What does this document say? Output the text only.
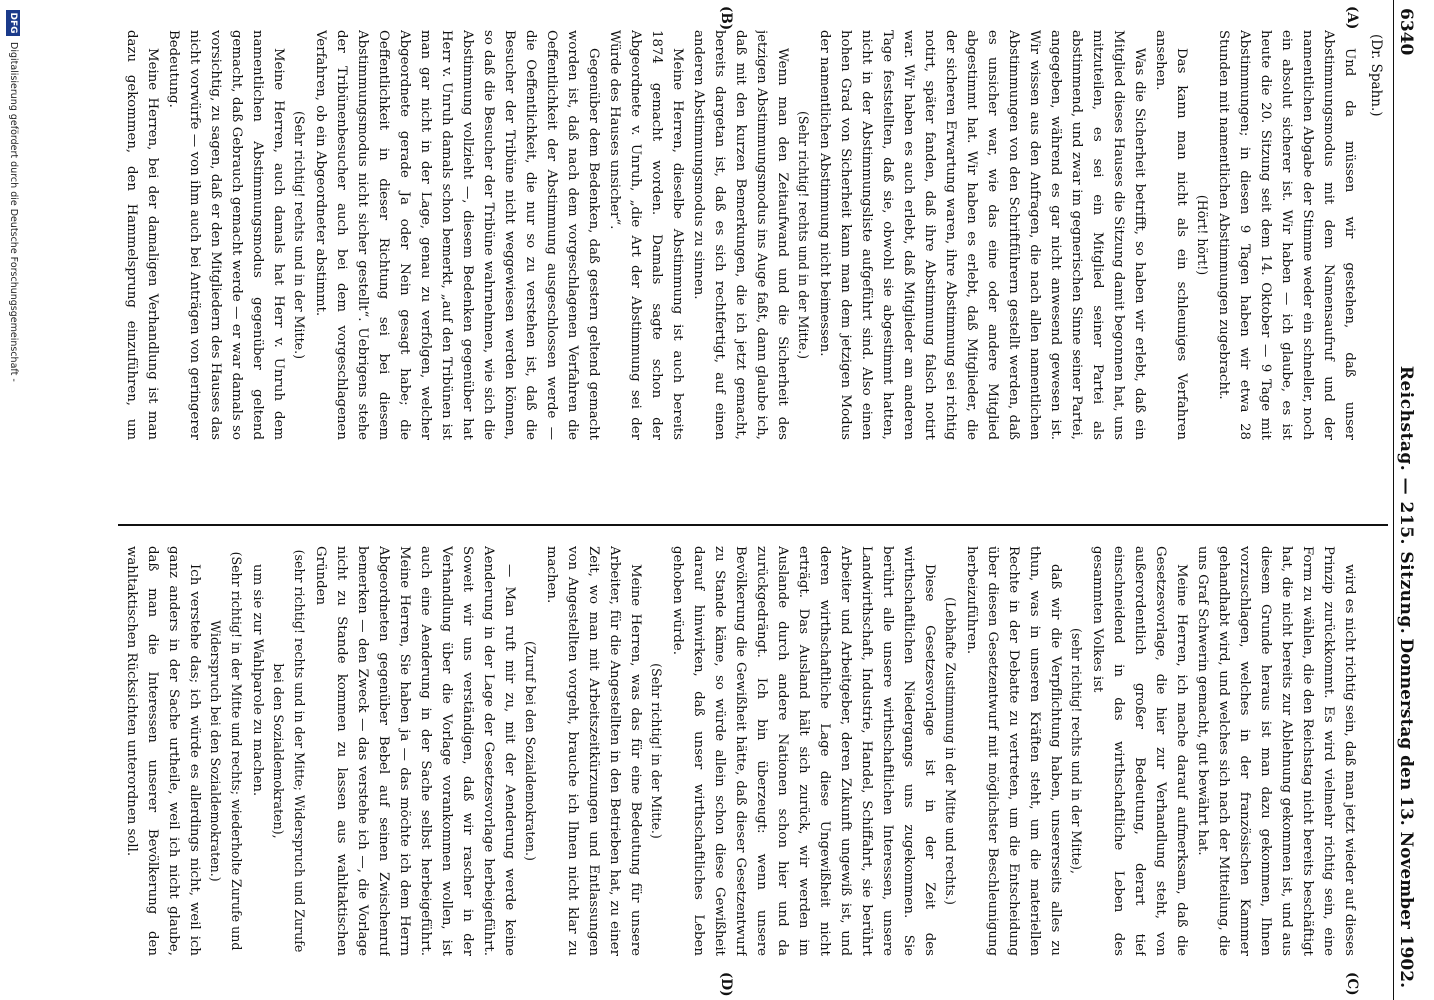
6340
Reichstag. — 215. Sitzung.
Donnerstag den 13. November 1902.
(Dr. Spahn.)
(A)
(B)
(C)
(D)

Und da müssen wir gestehen, daß unser Abstimmungsmodus mit dem Namensaufruf und der namentlichen Abgabe der Stimme weder ein schneller, noch ein absolut sicherer ist. Wir haben — ich glaube, es ist heute die 20. Sitzung seit dem 14. Oktober — 9 Tage mit Abstimmungen; in diesen 9 Tagen haben wir etwa 28 Stunden mit namentlichen Abstimmungen zugebracht.

(Hört! hört!)

Das kann man nicht als ein schleuniges Verfahren ansehen.

Was die Sicherheit betrifft, so haben wir erlebt, daß ein Mitglied dieses Hauses die Sitzung damit begonnen hat, uns mitzuteilen, es sei ein Mitglied seiner Partei als abstimmend, und zwar im gegnerischen Sinne seiner Partei, angegeben, während es gar nicht anwesend gewesen ist. Wir wissen aus den Anfragen, die nach allen namentlichen Abstimmungen von den Schriftführern gestellt werden, daß es unsicher war, wie das eine oder andere Mitglied abgestimmt hat. Wir haben es erlebt, daß Mitglieder, die der sicheren Erwartung waren, ihre Abstimmung sei richtig notirt, später fanden, daß ihre Abstimmung falsch notirt war. Wir haben es auch erlebt, daß Mitglieder am anderen Tage feststellten, daß sie, obwohl sie abgestimmt hatten, nicht in der Abstimmungsliste aufgeführt sind. Also einen hohen Grad von Sicherheit kann man dem jetzigen Modus der namentlichen Abstimmung nicht beimessen.

(Sehr richtig! rechts und in der Mitte.)

Wenn man den Zeitaufwand und die Sicherheit des jetzigen Abstimmungsmodus ins Auge faßt, dann glaube ich, daß mit den kurzen Bemerkungen, die ich jetzt gemacht, bereits dargetan ist, daß es sich rechtfertigt, auf einen anderen Abstimmungsmodus zu sinnen.

Meine Herren, dieselbe Abstimmung ist auch bereits 1874 gemacht worden. Damals sagte schon der Abgeordnete v. Unruh, „die Art der Abstimmung sei der Würde des Hauses unsicher“.

Gegenüber dem Bedenken, daß gestern geltend gemacht worden ist, daß nach dem vorgeschlagenen Verfahren die Oeffentlichkeit der Abstimmung ausgeschlossen werde — die Oeffentlichkeit, die nur so zu verstehen ist, daß die Besucher der Tribüne nicht weggewiesen werden können, so daß die Besucher der Tribüne wahrnehmen, wie sich die Abstimmung vollzieht —, diesem Bedenken gegenüber hat Herr v. Unruh damals schon bemerkt, „auf den Tribünen ist man gar nicht in der Lage, genau zu verfolgen, welcher Abgeordnete gerade Ja oder Nein gesagt habe; die Oeffentlichkeit in dieser Richtung sei bei diesem Abstimmungsmodus nicht sicher gestellt“. Uebrigens stehe der Tribünenbesucher auch bei dem vorgeschlagenen Verfahren, ob ein Abgeordneter abstimmt.

(Sehr richtig! rechts und in der Mitte.)

Meine Herren, auch damals hat Herr v. Unruh dem namentlichen Abstimmungsmodus gegenüber geltend gemacht, daß Gebrauch gemacht werde — er war damals so vorsichtig, zu sagen, daß er den Mitgliedern des Hauses das nicht vorwürfe — von ihm auch bei Anträgen von geringerer Bedeutung.

Meine Herren, bei der damaligen Verhandlung ist man dazu gekommen, den Hammelsprung einzuführen, um

wird es nicht richtig sein, daß man jetzt wieder auf dieses Prinzip zurückkommt. Es wird vielmehr richtig sein, eine Form zu wählen, die den Reichstag nicht bereits beschäftigt hat, die nicht bereits zur Ablehnung gekommen ist, und aus diesem Grunde heraus ist man dazu gekommen, Ihnen vorzuschlagen, welches in der französischen Kammer gehandhabt wird, und welches sich nach der Mitteilung, die uns Graf Schwerin gemacht, gut bewährt hat.

Meine Herren, ich mache darauf aufmerksam, daß die Gesetzesvorlage, die hier zur Verhandlung steht, von außerordentlich großer Bedeutung, derart tief einschneidend in das wirthschaftliche Leben des gesammten Volkes ist

(sehr richtig! rechts und in der Mitte),

daß wir die Verpflichtung haben, unsererseits alles zu thun, was in unseren Kräften steht, um die materiellen Rechte in der Debatte zu vertreten, um die Entscheidung über diesen Gesetzentwurf mit möglichster Beschleunigung herbeizuführen.

(Lebhafte Zustimmung in der Mitte und rechts.)

Diese Gesetzesvorlage ist in der Zeit des wirthschaftlichen Niedergangs uns zugekommen. Sie berührt alle unsere wirthschaftlichen Interessen, unsere Landwirthschaft, Industrie, Handel, Schiffahrt, sie berührt Arbeiter und Arbeitgeber, deren Zukunft ungewiß ist, und deren wirthschaftliche Lage diese Ungewißheit nicht erträgt. Das Ausland hält sich zurück, wir werden im Auslande durch andere Nationen schon hier und da zurückgedrängt. Ich bin überzeugt: wenn unsere Bevölkerung die Gewißheit hätte, daß dieser Gesetzentwurf zu Stande käme, so würde allein schon diese Gewißheit darauf hinwirken, daß unser wirthschaftliches Leben gehoben würde.

(Sehr richtig! in der Mitte.)

Meine Herren, was das für eine Bedeutung für unsere Arbeiter, für die Angestellten in den Betrieben hat, zu einer Zeit, wo man mit Arbeitszeitkürzungen und Entlassungen von Angestellten vorgeht, brauche ich Ihnen nicht klar zu machen.

(Zuruf bei den Sozialdemokraten.)

— Man ruft mir zu, mit der Aenderung werde keine Aenderung in der Lage der Gesetzesvorlage herbeigeführt. Soweit wir uns verständigen, daß wir rascher in der Verhandlung über die Vorlage vorankommen wollen, ist auch eine Aenderung in der Sache selbst herbeigeführt. Meine Herren, Sie haben ja — das möchte ich dem Herrn Abgeordneten gegenüber Bebel auf seinen Zwischenruf bemerken — den Zweck — das verstehe ich —, die Vorlage nicht zu Stande kommen zu lassen aus wahltaktischen Gründen

(sehr richtig! rechts und in der Mitte; Widerspruch und Zurufe bei den Sozialdemokraten),

um sie zur Wahlparole zu machen.

(Sehr richtig! in der Mitte und rechts; wiederholte Zurufe und Widerspruch bei den Sozialdemokraten.)

Ich verstehe das; ich würde es allerdings nicht, weil ich ganz anders in der Sache urtheile, weil ich nicht glaube, daß man die Interessen unserer Bevölkerung den wahltaktischen Rücksichten unterordnen soll.

DFG
Digitalisierung gefördert durch die Deutsche Forschungsgemeinschaft -
